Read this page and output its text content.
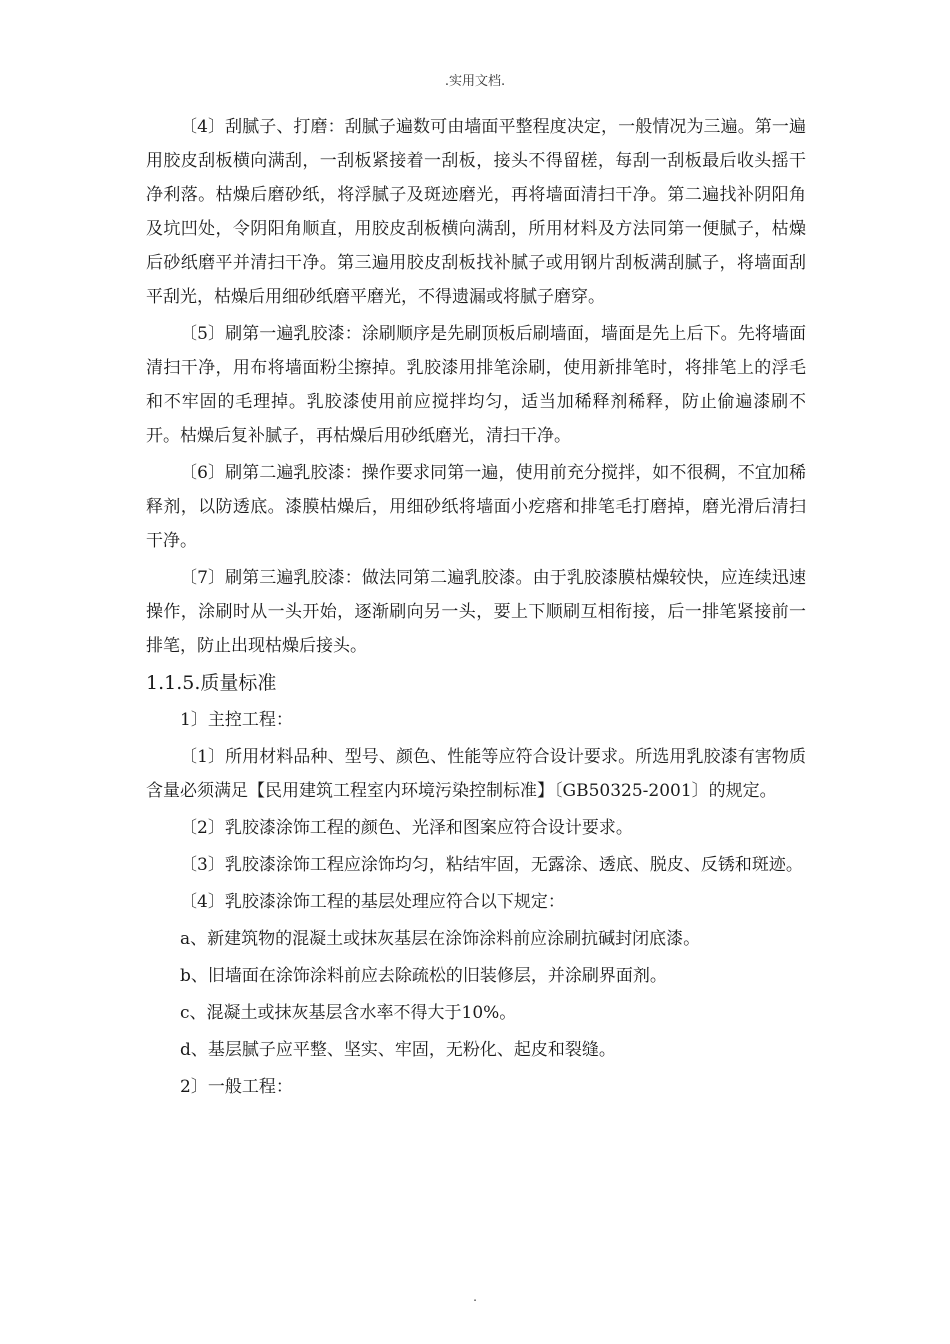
.实用文档.

〔4〕刮腻子、打磨：刮腻子遍数可由墙面平整程度决定，一般情况为三遍。第一遍用胶皮刮板横向满刮，一刮板紧接着一刮板，接头不得留槎，每刮一刮板最后收头摇干净利落。枯燥后磨砂纸，将浮腻子及斑迹磨光，再将墙面清扫干净。第二遍找补阴阳角及坑凹处，令阴阳角顺直，用胶皮刮板横向满刮，所用材料及方法同第一便腻子，枯燥后砂纸磨平并清扫干净。第三遍用胶皮刮板找补腻子或用钢片刮板满刮腻子，将墙面刮平刮光，枯燥后用细砂纸磨平磨光，不得遗漏或将腻子磨穿。

〔5〕刷第一遍乳胶漆：涂刷顺序是先刷顶板后刷墙面，墙面是先上后下。先将墙面清扫干净，用布将墙面粉尘擦掉。乳胶漆用排笔涂刷，使用新排笔时，将排笔上的浮毛和不牢固的毛理掉。乳胶漆使用前应搅拌均匀，适当加稀释剂稀释，防止偷遍漆刷不开。枯燥后复补腻子，再枯燥后用砂纸磨光，清扫干净。

〔6〕刷第二遍乳胶漆：操作要求同第一遍，使用前充分搅拌，如不很稠，不宜加稀释剂，以防透底。漆膜枯燥后，用细砂纸将墙面小疙瘩和排笔毛打磨掉，磨光滑后清扫干净。

〔7〕刷第三遍乳胶漆：做法同第二遍乳胶漆。由于乳胶漆膜枯燥较快，应连续迅速操作，涂刷时从一头开始，逐渐刷向另一头，要上下顺刷互相衔接，后一排笔紧接前一排笔，防止出现枯燥后接头。

1.1.5.质量标准

1〕主控工程：

〔1〕所用材料品种、型号、颜色、性能等应符合设计要求。所选用乳胶漆有害物质含量必须满足【民用建筑工程室内环境污染控制标准】〔GB50325-2001〕的规定。

〔2〕乳胶漆涂饰工程的颜色、光泽和图案应符合设计要求。

〔3〕乳胶漆涂饰工程应涂饰均匀，粘结牢固，无露涂、透底、脱皮、反锈和斑迹。

〔4〕乳胶漆涂饰工程的基层处理应符合以下规定：

a、新建筑物的混凝土或抹灰基层在涂饰涂料前应涂刷抗碱封闭底漆。

b、旧墙面在涂饰涂料前应去除疏松的旧装修层，并涂刷界面剂。

c、混凝土或抹灰基层含水率不得大于10%。

d、基层腻子应平整、坚实、牢固，无粉化、起皮和裂缝。

2〕一般工程：

.
